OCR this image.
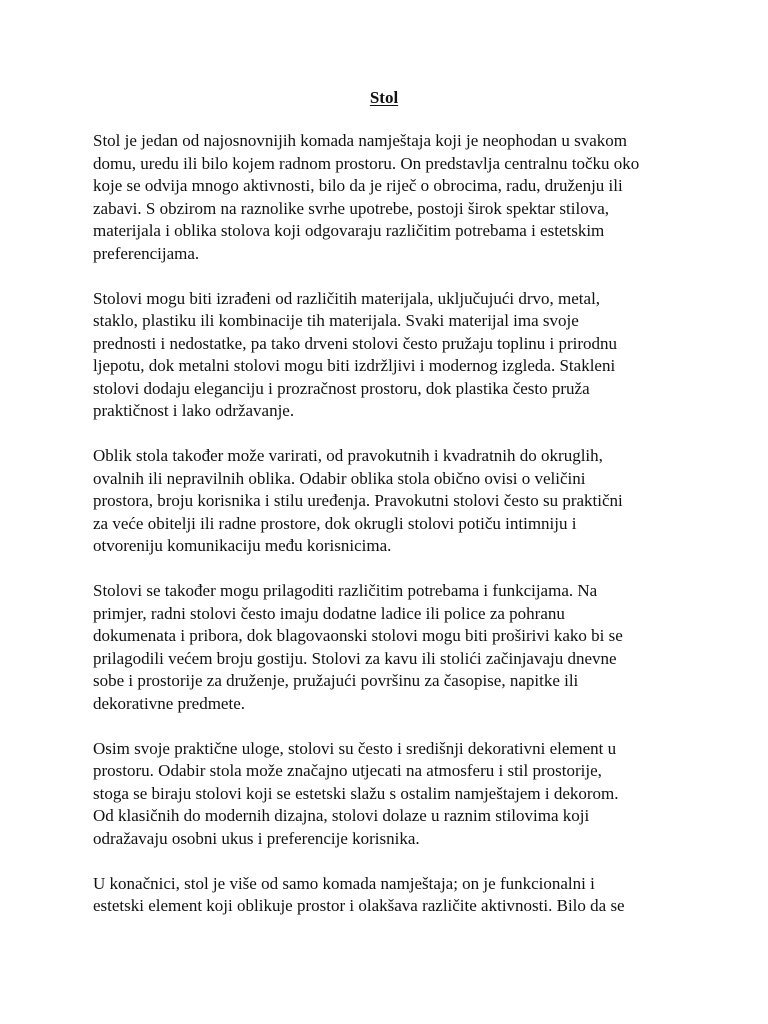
Stol

Stol je jedan od najosnovnijih komada namještaja koji je neophodan u svakom
domu, uredu ili bilo kojem radnom prostoru. On predstavlja centralnu točku oko
koje se odvija mnogo aktivnosti, bilo da je riječ o obrocima, radu, druženju ili
zabavi. S obzirom na raznolike svrhe upotrebe, postoji širok spektar stilova,
materijala i oblika stolova koji odgovaraju različitim potrebama i estetskim
preferencijama.

Stolovi mogu biti izrađeni od različitih materijala, uključujući drvo, metal,
staklo, plastiku ili kombinacije tih materijala. Svaki materijal ima svoje
prednosti i nedostatke, pa tako drveni stolovi često pružaju toplinu i prirodnu
ljepotu, dok metalni stolovi mogu biti izdržljivi i modernog izgleda. Stakleni
stolovi dodaju eleganciju i prozračnost prostoru, dok plastika često pruža
praktičnost i lako održavanje.

Oblik stola također može varirati, od pravokutnih i kvadratnih do okruglih,
ovalnih ili nepravilnih oblika. Odabir oblika stola obično ovisi o veličini
prostora, broju korisnika i stilu uređenja. Pravokutni stolovi često su praktični
za veće obitelji ili radne prostore, dok okrugli stolovi potiču intimniju i
otvoreniju komunikaciju među korisnicima.

Stolovi se također mogu prilagoditi različitim potrebama i funkcijama. Na
primjer, radni stolovi često imaju dodatne ladice ili police za pohranu
dokumenata i pribora, dok blagovaonski stolovi mogu biti proširivi kako bi se
prilagodili većem broju gostiju. Stolovi za kavu ili stolići začinjavaju dnevne
sobe i prostorije za druženje, pružajući površinu za časopise, napitke ili
dekorativne predmete.

Osim svoje praktične uloge, stolovi su često i središnji dekorativni element u
prostoru. Odabir stola može značajno utjecati na atmosferu i stil prostorije,
stoga se biraju stolovi koji se estetski slažu s ostalim namještajem i dekorom.
Od klasičnih do modernih dizajna, stolovi dolaze u raznim stilovima koji
odražavaju osobni ukus i preferencije korisnika.

U konačnici, stol je više od samo komada namještaja; on je funkcionalni i
estetski element koji oblikuje prostor i olakšava različite aktivnosti. Bilo da se
